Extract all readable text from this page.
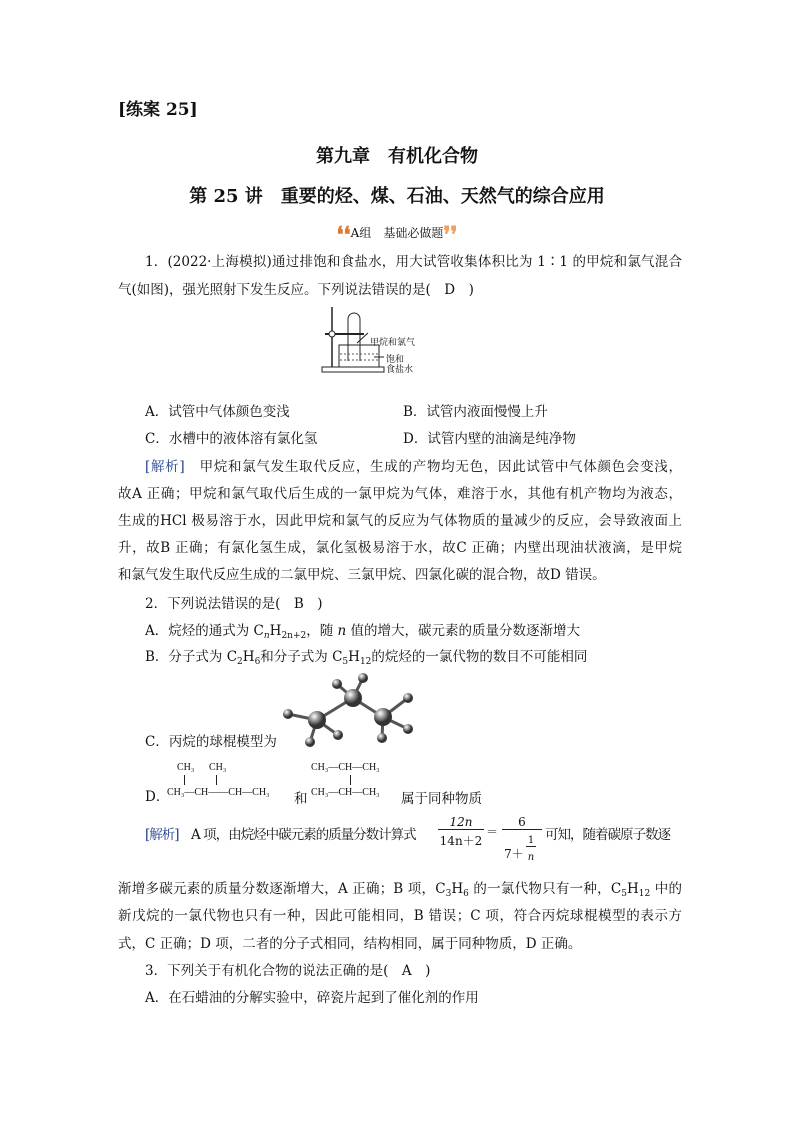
[练案 25]
第九章　有机化合物
第 25 讲　重要的烃、煤、石油、天然气的综合应用
❛❛A组　基础必做题❜❜
1．(2022·上海模拟)通过排饱和食盐水，用大试管收集体积比为 1∶1 的甲烷和氯气混合
气(如图)，强光照射下发生反应。下列说法错误的是(　D　)
甲烷和氯气
饱和
食盐水
A．试管中气体颜色变浅	B．试管内液面慢慢上升
C．水槽中的液体溶有氯化氢	D．试管内壁的油滴是纯净物
[解析]　甲烷和氯气发生取代反应，生成的产物均无色，因此试管中气体颜色会变浅，
故A 正确；甲烷和氯气取代后生成的一氯甲烷为气体，难溶于水，其他有机产物均为液态，
生成的HCl 极易溶于水，因此甲烷和氯气的反应为气体物质的量减少的反应，会导致液面上
升，故B 正确；有氯化氢生成，氯化氢极易溶于水，故C 正确；内壁出现油状液滴，是甲烷
和氯气发生取代反应生成的二氯甲烷、三氯甲烷、四氯化碳的混合物，故D 错误。
2．下列说法错误的是(　B　)
A．烷烃的通式为 $C_nH_{2n+2}$，随 n 值的增大，碳元素的质量分数逐渐增大
B．分子式为 $C_2H_6$和分子式为 $C_5H_{12}$的烷烃的一氯代物的数目不可能相同
C．丙烷的球棍模型为
D．
CH₃ CH₃
CH₃—CH——CH—CH₃ 和
CH₃—CH—CH₃
CH₃—CH—CH₃ 属于同种物质
[解析]　A 项，由烷烃中碳元素的质量分数计算式
12n
14n＋2
＝
6
7＋
1
n
可知，随着碳原子数逐
渐增多碳元素的质量分数逐渐增大，A 正确；B 项，$C_3H_6$ 的一氯代物只有一种，$C_5H_{12}$ 中的
新戊烷的一氯代物也只有一种，因此可能相同，B 错误；C 项，符合丙烷球棍模型的表示方
式，C 正确；D 项，二者的分子式相同，结构相同，属于同种物质，D 正确。
3．下列关于有机化合物的说法正确的是(　A　)
A．在石蜡油的分解实验中，碎瓷片起到了催化剂的作用
